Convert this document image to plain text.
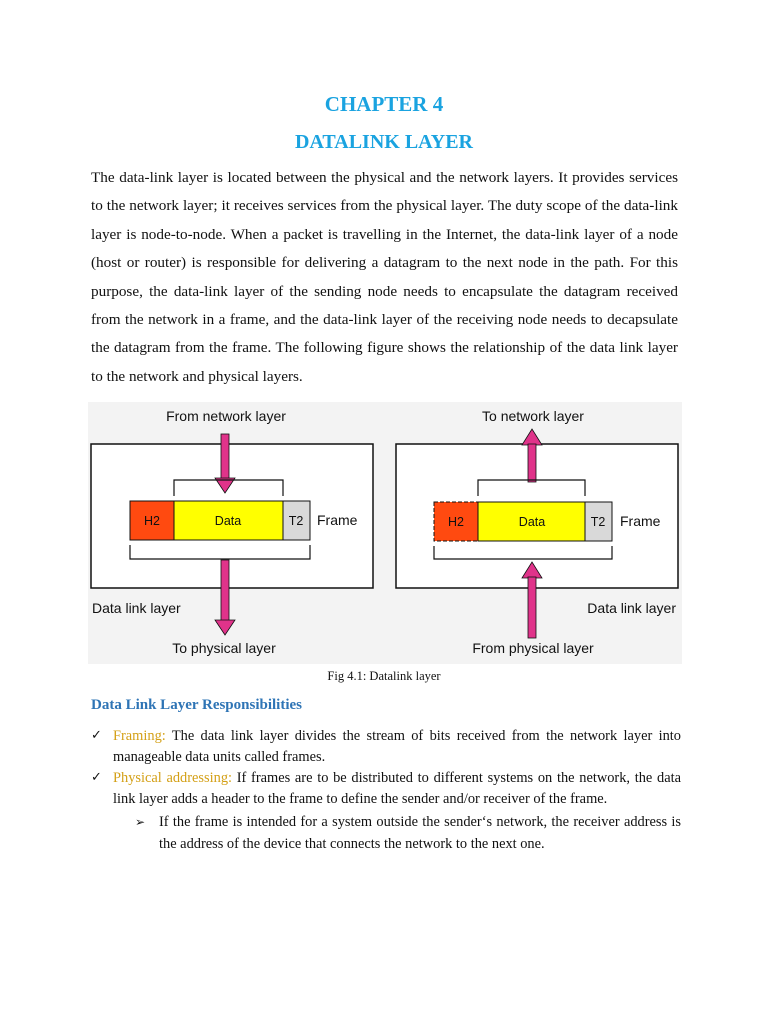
CHAPTER 4
DATALINK LAYER

The data-link layer is located between the physical and the network layers. It provides services to the network layer; it receives services from the physical layer. The duty scope of the data-link layer is node-to-node. When a packet is travelling in the Internet, the data-link layer of a node (host or router) is responsible for delivering a datagram to the next node in the path. For this purpose, the data-link layer of the sending node needs to encapsulate the datagram received from the network in a frame, and the data-link layer of the receiving node needs to decapsulate the datagram from the frame. The following figure shows the relationship of the data link layer to the network and physical layers.

From network layer
H2	Data	T2 Frame
Data link layer
To physical layer
To network layer
H2	Data	T2 Frame
Data link layer
From physical layer
Fig 4.1: Datalink layer
Data Link Layer Responsibilities
✓ Framing: The data link layer divides the stream of bits received from the network layer into manageable data units called frames.
✓ Physical addressing: If frames are to be distributed to different systems on the network, the data link layer adds a header to the frame to define the sender and/or receiver of the frame.
➢ If the frame is intended for a system outside the sender‘s network, the receiver address is the address of the device that connects the network to the next one.
